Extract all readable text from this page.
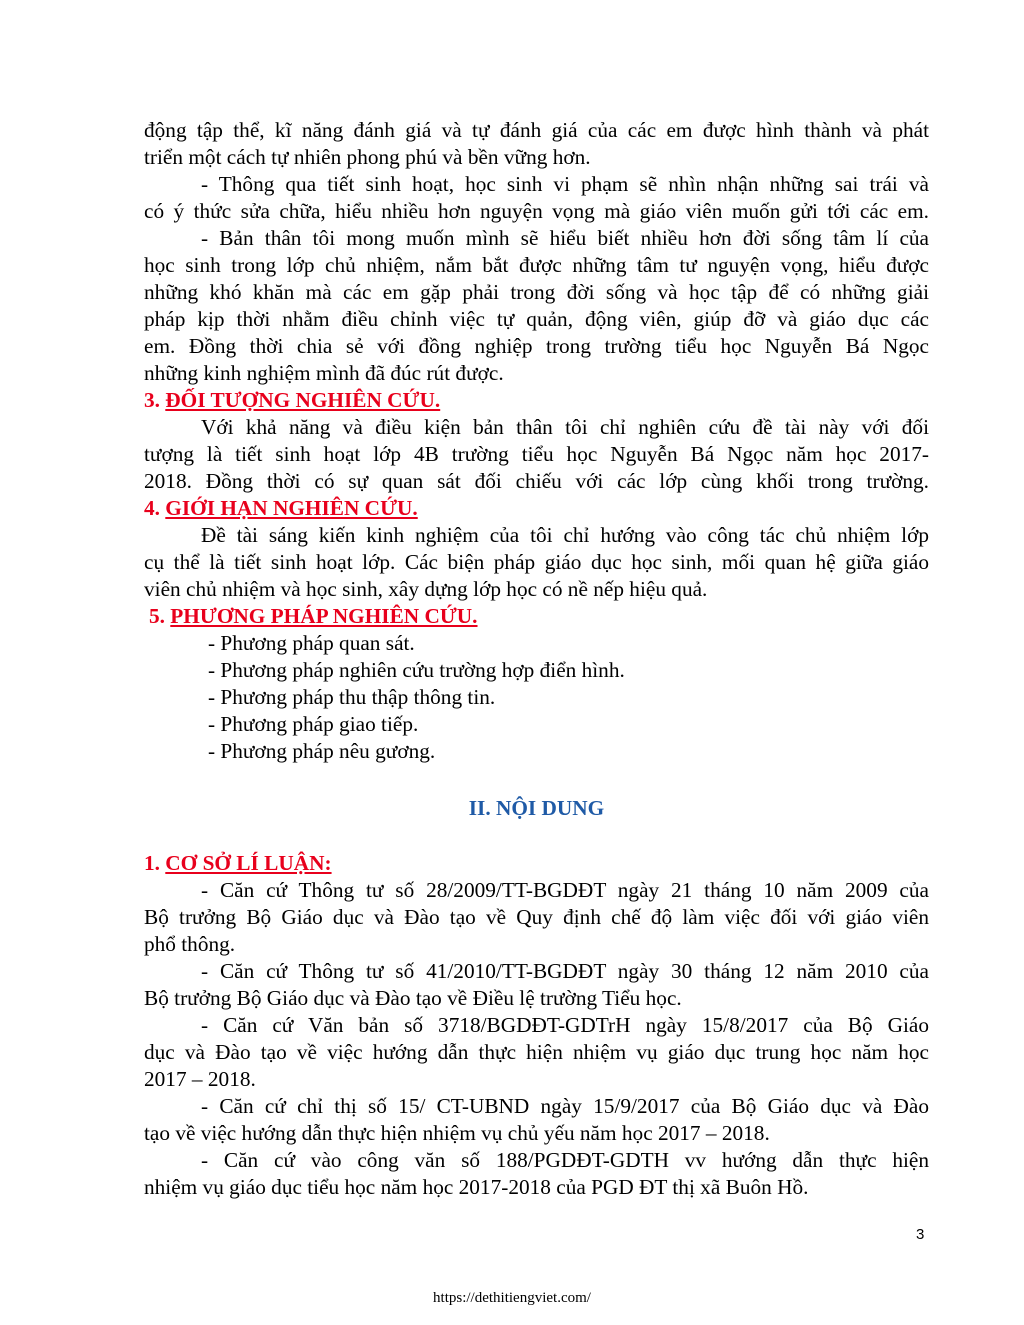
động tập thể, kĩ năng đánh giá và tự đánh giá của các em được hình thành và phát
triển một cách tự nhiên phong phú và bền vững hơn.
- Thông qua tiết sinh hoạt, học sinh vi phạm sẽ nhìn nhận những sai trái và
có ý thức sửa chữa, hiểu nhiều hơn nguyện vọng mà giáo viên muốn gửi tới các em.
- Bản thân tôi mong muốn mình sẽ hiểu biết nhiều hơn đời sống tâm lí của
học sinh trong lớp chủ nhiệm, nắm bắt được những tâm tư nguyện vọng, hiểu được
những khó khăn mà các em gặp phải trong đời sống và học tập để có những giải
pháp kịp thời nhằm điều chỉnh việc tự quản, động viên, giúp đỡ và giáo dục các
em. Đồng thời chia sẻ với đồng nghiệp trong trường tiểu học Nguyễn Bá Ngọc
những kinh nghiệm mình đã đúc rút được.
3. ĐỐI TƯỢNG NGHIÊN CỨU.
Với khả năng và điều kiện bản thân tôi chỉ nghiên cứu đề tài này với đối
tượng là tiết sinh hoạt lớp 4B trường tiểu học Nguyễn Bá Ngọc năm học 2017-
2018. Đồng thời có sự quan sát đối chiếu với các lớp cùng khối trong trường.
4. GIỚI HẠN NGHIÊN CỨU.
Đề tài sáng kiến kinh nghiệm của tôi chỉ hướng vào công tác chủ nhiệm lớp
cụ thể là tiết sinh hoạt lớp. Các biện pháp giáo dục học sinh, mối quan hệ giữa giáo
viên chủ nhiệm và học sinh, xây dựng lớp học có nề nếp hiệu quả.
5. PHƯƠNG PHÁP NGHIÊN CỨU.
- Phương pháp quan sát.
- Phương pháp nghiên cứu trường hợp điển hình.
- Phương pháp thu thập thông tin.
- Phương pháp giao tiếp.
- Phương pháp nêu gương.
II. NỘI DUNG
1. CƠ SỞ LÍ LUẬN:
- Căn cứ Thông tư số 28/2009/TT-BGDĐT ngày 21 tháng 10 năm 2009 của
Bộ trưởng Bộ Giáo dục và Đào tạo về Quy định chế độ làm việc đối với giáo viên
phổ thông.
- Căn cứ Thông tư số 41/2010/TT-BGDĐT ngày 30 tháng 12 năm 2010 của
Bộ trưởng Bộ Giáo dục và Đào tạo về Điều lệ trường Tiểu học.
- Căn cứ Văn bản số 3718/BGDĐT-GDTrH ngày 15/8/2017 của Bộ Giáo
dục và Đào tạo về việc hướng dẫn thực hiện nhiệm vụ giáo dục trung học năm học
2017 – 2018.
- Căn cứ chỉ thị số 15/ CT-UBND ngày 15/9/2017 của Bộ Giáo dục và Đào
tạo về việc hướng dẫn thực hiện nhiệm vụ chủ yếu năm học 2017 – 2018.
- Căn cứ vào công văn số 188/PGDĐT-GDTH vv hướng dẫn thực hiện
nhiệm vụ giáo dục tiểu học năm học 2017-2018 của PGD ĐT thị xã Buôn Hồ.
3
https://dethitiengviet.com/
